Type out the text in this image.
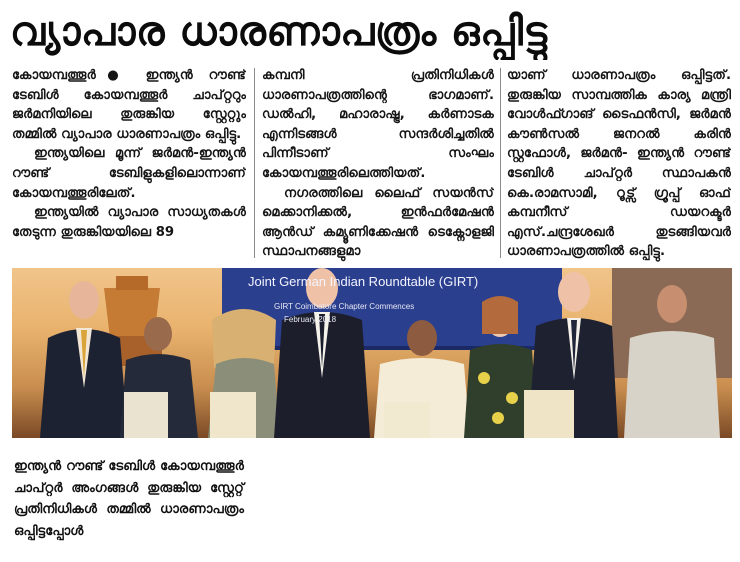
വ്യാപാര ധാരണാപത്രം ഒപ്പിട്ടു

കോയമ്പത്തൂർ● ഇന്ത്യൻ റൗണ്ട് ടേബിൾ കോയമ്പത്തൂർ ചാപ്റ്ററും ജർമനിയിലെ തുരുങ്കിയ സ്റ്റേറ്റും തമ്മിൽ വ്യാപാര ധാരണാപത്രം ഒപ്പിട്ടു.

ഇന്ത്യയിലെ മൂന്ന് ജർമൻ-ഇന്ത്യൻ റൗണ്ട് ടേബിളുകളിലൊന്നാണ് കോയമ്പത്തൂരിലേത്.

ഇന്ത്യയിൽ വ്യാപാര സാധ്യതകൾ തേടുന്ന തുരുങ്കിയയിലെ 89

കമ്പനി പ്രതിനിധികൾ ധാരണാപത്രത്തിന്റെ ഭാഗമാണ്. ഡൽഹി, മഹാരാഷ്ട്ര, കർണാടക എന്നിടങ്ങൾ സന്ദർശിച്ചതിൽ പിന്നീടാണ് സംഘം കോയമ്പത്തൂരിലെത്തിയത്.

നഗരത്തിലെ ലൈഫ് സയൻസ് മെക്കാനിക്കൽ, ഇൻഫർമേഷൻ ആൻഡ് കമ്യൂണിക്കേഷൻ ടെക്നോളജി സ്ഥാപനങ്ങളുമാ

യാണ് ധാരണാപത്രം ഒപ്പിട്ടത്. തുരുങ്കിയ സാമ്പത്തിക കാര്യ മന്ത്രി വോൾഫ്ഗാങ് ടൈഫൻസി, ജർമൻ കൗൺസൽ ജനറൽ കരിൻ സ്റ്റഫോൾ, ജർമൻ- ഇന്ത്യൻ റൗണ്ട് ടേബിൾ ചാപ്റ്റർ സ്ഥാപകൻ കെ.രാമസാമി, റൂട്സ് ഗ്രൂപ്പ് ഓഫ് കമ്പനീസ് ഡയറക്ടർ എസ്.ചന്ദ്രശേഖർ തുടങ്ങിയവർ ധാരണാപത്രത്തിൽ ഒപ്പിട്ടു.

Joint German Indian Roundtable (GIRT)
GIRT Coimbatore Chapter Commences
February 2018
ഇന്ത്യൻ റൗണ്ട് ടേബിൾ കോയമ്പത്തൂർ ചാപ്റ്റർ അംഗങ്ങൾ തുരുങ്കിയ സ്റ്റേറ്റ് പ്രതിനിധികൾ തമ്മിൽ ധാരണാപത്രം ഒപ്പിട്ടപ്പോൾ
